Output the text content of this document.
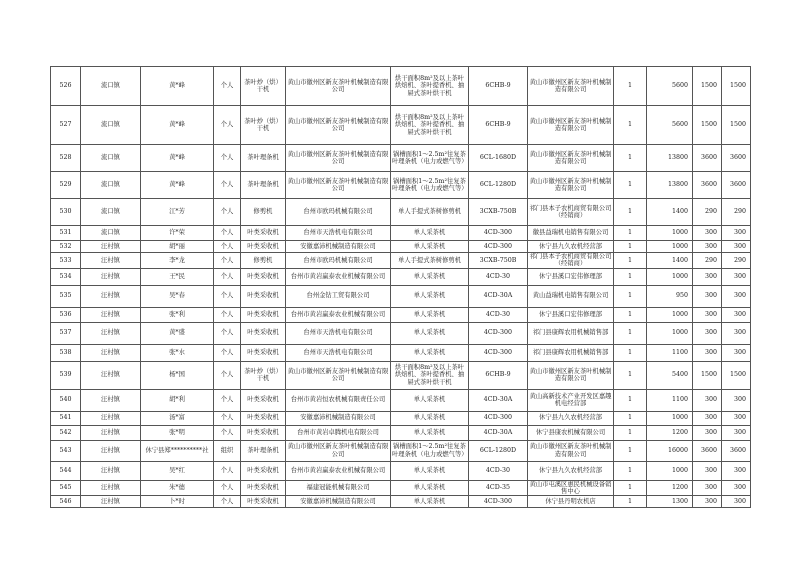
526	流口镇	黄*峰	个人	茶叶炒（烘）干机	黄山市徽州区新友茶叶机械制造有限公司	烘干面积8m²及以上茶叶烘焙机、茶叶提香机、抽屉式茶叶烘干机	6CHB-9	黄山市徽州区新友茶叶机械制造有限公司	1	5600	1500	1500
527	流口镇	黄*峰	个人	茶叶炒（烘）干机	黄山市徽州区新友茶叶机械制造有限公司	烘干面积8m²及以上茶叶烘焙机、茶叶提香机、抽屉式茶叶烘干机	6CHB-9	黄山市徽州区新友茶叶机械制造有限公司	1	5600	1500	1500
528	流口镇	黄*峰	个人	茶叶理条机	黄山市徽州区新友茶叶机械制造有限公司	锅槽面积1～2.5m²往复茶叶理条机（电力或燃气等）	6CL-1680D	黄山市徽州区新友茶叶机械制造有限公司	1	13800	3600	3600
529	流口镇	黄*峰	个人	茶叶理条机	黄山市徽州区新友茶叶机械制造有限公司	锅槽面积1～2.5m²往复茶叶理条机（电力或燃气等）	6CL-1280D	黄山市徽州区新友茶叶机械制造有限公司	1	13800	3600	3600
530	流口镇	江*芳	个人	修剪机	台州市欧玛机械有限公司	单人手提式茶树修剪机	3CXB-750B	祁门县本子农机商贸有限公司（经销商）	1	1400	290	290
531	流口镇	许*荣	个人	叶类采收机	台州市天浩机电有限公司	单人采茶机	4CD-300	徽县益瑞机电销售有限公司	1	1000	300	300
532	汪村镇	胡*丽	个人	叶类采收机	安徽嘉沛机械制造有限公司	单人采茶机	4CD-300	休宁县九久农机经营部	1	1000	300	300
533	汪村镇	李*龙	个人	修剪机	台州市欧玛机械有限公司	单人手提式茶树修剪机	3CXB-750B	祁门县本子农机商贸有限公司（经销商）	1	1400	290	290
534	汪村镇	王*民	个人	叶类采收机	台州市黄岩赢泰农业机械有限公司	单人采茶机	4CD-30	休宁县溪口宏伟修理部	1	1000	300	300
535	汪村镇	吴*春	个人	叶类采收机	台州金钻工贸有限公司	单人采茶机	4CD-30A	黄山益瑞机电销售有限公司	1	950	300	300
536	汪村镇	张*利	个人	叶类采收机	台州市黄岩赢泰农业机械有限公司	单人采茶机	4CD-30	休宁县溪口宏伟修理部	1	1000	300	300
537	汪村镇	黄*盛	个人	叶类采收机	台州市天浩机电有限公司	单人采茶机	4CD-300	祁门县康辉农用机械销售部	1	1000	300	300
538	汪村镇	张*水	个人	叶类采收机	台州市天浩机电有限公司	单人采茶机	4CD-300	祁门县康辉农用机械销售部	1	1100	300	300
539	汪村镇	杨*国	个人	茶叶炒（烘）干机	黄山市徽州区新友茶叶机械制造有限公司	烘干面积8m²及以上茶叶烘焙机、茶叶提香机、抽屉式茶叶烘干机	6CHB-9	黄山市徽州区新友茶叶机械制造有限公司	1	5400	1500	1500
540	汪村镇	胡*利	个人	叶类采收机	台州市黄岩恒农机械有限责任公司	单人采茶机	4CD-30A	黄山高新技术产业开发区嘉趣机电经营部	1	1100	300	300
541	汪村镇	汤*富	个人	叶类采收机	安徽嘉沛机械制造有限公司	单人采茶机	4CD-300	休宁县九久农机经营部	1	1000	300	300
542	汪村镇	张*明	个人	叶类采收机	台州市黄岩卓腾机电有限公司	单人采茶机	4CD-30A	休宁县康农机械有限公司	1	1200	300	300
543	汪村镇	休宁县郑**********社	组织	茶叶理条机	黄山市徽州区新友茶叶机械制造有限公司	锅槽面积1～2.5m²往复茶叶理条机（电力或燃气等）	6CL-1280D	黄山市徽州区新友茶叶机械制造有限公司	1	16000	3600	3600
544	汪村镇	吴*红	个人	叶类采收机	台州市黄岩赢泰农业机械有限公司	单人采茶机	4CD-30	休宁县九久农机经营部	1	1000	300	300
545	汪村镇	朱*德	个人	叶类采收机	福建冠能机械有限公司	单人采茶机	4CD-35	黄山市屯溪区惠民机械设备销售中心	1	1200	300	300
546	汪村镇	卜*时	个人	叶类采收机	安徽嘉沛机械制造有限公司	单人采茶机	4CD-300	休宁县丹明农机店	1	1300	300	300
